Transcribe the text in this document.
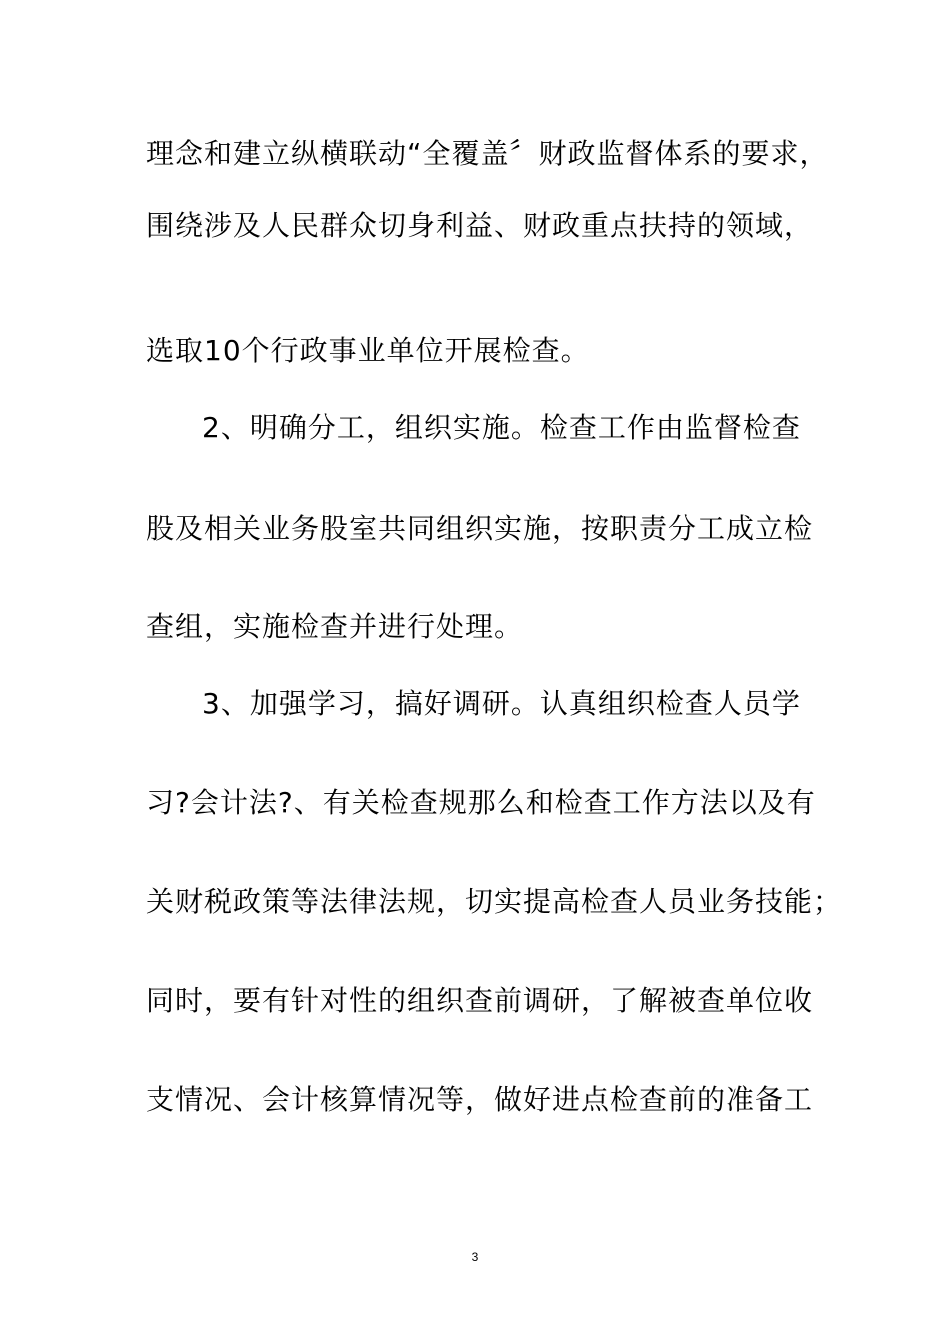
理念和建立纵横联动“全覆盖〞财政监督体系的要求，
围绕涉及人民群众切身利益、财政重点扶持的领域，
选取10个行政事业单位开展检查。
2、明确分工，组织实施。检查工作由监督检查
股及相关业务股室共同组织实施，按职责分工成立检
查组，实施检查并进行处理。
3、加强学习，搞好调研。认真组织检查人员学
习?会计法?、有关检查规那么和检查工作方法以及有
关财税政策等法律法规，切实提高检查人员业务技能；
同时，要有针对性的组织查前调研，了解被查单位收
支情况、会计核算情况等，做好进点检查前的准备工
3
